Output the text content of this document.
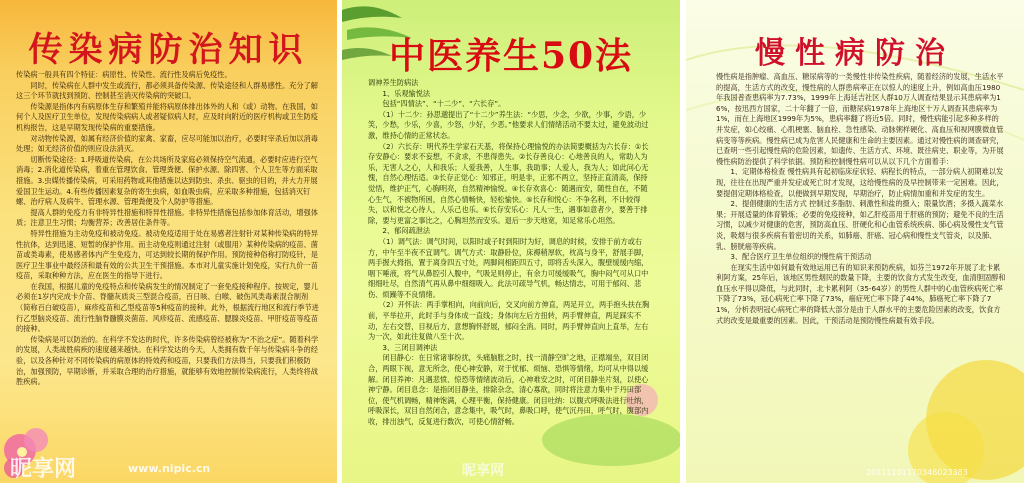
传染病防治知识
传染病一般具有四个特征：病原性、传染性、流行性及病后免疫性。
　　同时，传染病在人群中发生或流行，都必须具备传染源、传染途径和人群易感性。充分了解这三个环节就找到预防、控制甚至消灭传染病的突破口。
　　传染源是指体内有病原体生存和繁殖并能将病原体排出体外的人和（或）动物。在我国，如何个人及医疗卫生单位，发现传染病病人或者疑似病人时，应及时向附近的医疗机构或卫生防疫机构报告，这是早期发现传染病的重要措施。
　　对动物传染源，如属有经济价值的家禽、家畜，应尽可能加以治疗，必要时宰杀后加以消毒处理；如无经济价值的则应设法消灭。
　　切断传染途径：1.呼吸道传染病，在公共场所及家庭必须保持空气流通，必要时应进行空气消毒；2.消化道传染病，着重在管理饮食、管理粪便、保护水源、除四害、个人卫生等方面采取措施。3.虫媒传播传染病，可采用药物或其他措施以达到防虫、杀虫、驱虫的目的，并大力开展爱国卫生运动。4.有些传播因素复杂的寄生虫病，如血吸虫病，应采取多种措施，包括消灭钉螺、治疗病人及病牛、管理水源、管理粪便及个人防护等措施。
　　提高人群的免疫力有非特异性措施和特异性措施。非特异性措施包括参加体育活动，增强体质；注意卫生习惯；均衡营养；改善居住条件等。
　　特异性措施为主动免疫和被动免疫。被动免疫适用于处在易感者注射针对某种传染病的特异性抗体，达到迅速、短暂的保护作用。而主动免疫则通过注射（或服用）某种传染病的疫苗、菌苗或类毒素，使易感者体内产生免疫力，可达到较长期的保护作用。预防接种俗称打防疫针，是医疗卫生事业中最经济和最有效的公共卫生干预措施。本市对儿童实施计划免疫，实行九价一苗疫苗，采取种种方法，应在医生的指导下进行。
　　在我国，根据儿童的免疫特点和传染病发生的情况制定了一套免疫接种程序。按规定，婴儿必须在1岁内完成卡介苗、脊髓灰质炎三型混合疫苗，百日咳、白喉、破伤风类毒素混合制剂（简称百白破疫苗），麻疹疫苗和乙型疫苗等5种疫苗的接种。此外，根据流行地区和流行季节进行乙型脑炎疫苗、流行性脑脊髓膜炎菌苗、风疹疫苗、流感疫苗、腮腺炎疫苗、甲肝疫苗等疫苗的接种。
　　传染病是可以防治的。在科学不发达的时代，许多传染病曾经被称为“不治之症”。随着科学的发展，人类战胜病疾的速度越来越快。在科学发达的今天，人类拥有数千年与传染病斗争的经验，以及各种针对不同传染病的病原体的特效药和疫苗，只要我们方法得当，只要我们积极防治，加强预防，早期诊断，并采取合理的治疗措施，就能够有效地控制传染病流行，人类终将战胜疾病。
昵享网	www.nipic.cn
中医养生50法
调神养生防病法
　　1、乐观愉悦法
　　包括“四情法”、“十二少”、“六长存”。
　　（1）十二少：孙思邈提出了“十二少”养生法：“少思，少念，少欲，少事，少语，少笑，少愁，少乐，少喜，少怒，少好，少恶。”他要求人们情绪活动不要太过，避免波动过激，维持心情的正常状态。
　　（2）六长存：明代养生学家石天基，将保持心理愉悦的办法简要概括为六长存：①长存安静心：要求不妄想，不贪求，不患得患失。②长存善良心：心地善良的人，常助人为乐，无害人之心，人和我乐；人爱我善，人生事，我助事；人爱人，我为人；如此问心无愧，自然心理恬适。③长存正觉心：知邪正，明是非，正邪不两立，坚持正直清高，保持觉悟，维护正气，心胸明亮，自然精神愉悦。④长存欢喜心：随遇而安，随性自在，不随心生气，不被物所困，自然心情畅快，轻松愉快。⑤长存和悦心：不争名利，不计较得失，以和悦之心待人，人乐己也乐。⑥长存安乐心：凡人一生，遇事如意者少，要善于排除，要与更富之事比之，心胸坦然而安乐。退后一步天地宽，知足常乐心坦然。
　　2、郁闷疏泄法
　　（1）调气法：调气时间，以阳时或子时到阳时为好，调息的时候，安排于前方或右方，中午至半夜不宜调气。调气方式：取静卧位，床褥稍厚软，枕高与身平，舒展手脚，两手握大拇指，置于离身四五寸处，两脚间相距四五寸，即将舌头深入，腹壁缓缓内缩，咽下唾液，将气从鼻腔引入腹中，气吸足则停止，有余力可缓缓吸气，胸中闷气可从口中细细吐尽，自然清气再从鼻中细细吸入。此法可疏导气机，畅达情志，可用于郁闷、悲伤、烦躁等不良情绪。
　　（2）开怀法：两手掌相向，向前向后，交叉向前方伸直，两足开立，两手抱头扶在胸前，平举拉开，此时手与身体成一直线；身体向左后方扭转，两手臂伸直，两足踩实不动，左右交替，目视后方，意想胸怀舒展，郁闷全消。同时，两手臂伸直向上直举，左右为一次，如此往复做八至十次。
　　3、三闭目调神法
　　闭目静心：在日常诸事纷扰，头痛脑胀之时，找一清静空旷之地，正襟端坐，双目闭合，两眼下视，意无所念，使心神安静，对于忧郁、烦恼、恐惧等情绪，均可从中得以缓解。闭目养神：凡遇悲愤、惊恐等情绪波动后，心神难安之时，可闭目静坐片刻，以使心神宁静。闭目息念：是指闭目静坐，排除杂念，清心寡欲，同时将注意力集中于丹田部位，使气机调畅，精神饱满，心理平衡，保持健康。闭目吐纳：以腹式呼吸法进行吐纳，呼吸深长，双目自然闭合，意念集中，吸气时，鼻吸口呼，使气沉丹田，呼气时，腹部内收，排出浊气，反复进行数次，可使心情舒畅。
昵享网
慢性病防治
慢性病是指肿瘤、高血压、糖尿病等的一类慢性非传染性疾病，随着经济的发展，生活水平的提高，生活方式的改变，慢性病的人群患病率正在以惊人的速度上升，例如高血压1980年我国普查患病率为7.73%，1999年上海延吉社区人群10万人调查结果显示其患病率为16%，按迅西方国家，二十年翻了一倍，而糖尿病1978年上海地区十万人调查其患病率为1%，而在上海地区1999年为5%，患病率翻了将近5倍。同时，慢性病能引起多种多样的并发症，如心绞痛、心肌梗塞、脑血栓、急性感染、动脉粥样硬化、高血压和视网膜微血管病变等等疾病。慢性病已成为危害人民健康和生命的主要因素。通过对慢性病的调查研究，已查明一些引起慢性病的危险因素，如遗传、生活方式、环境、既往病史、职业等，为开展慢性病防治提供了科学依据。预防和控制慢性病可以从以下几个方面着手：
　　1、定期体格检查 慢性病具有起初临床症状轻、病程长的特点，一部分病人初期难以发现，往往在出现严重并发症或死亡时才发现，这给慢性病的及早控制带来一定困难。因此，要提倡定期体格检查，以便做到早期发现，早期治疗，防止病情加重和并发症的发生。
　　2、提倡健康的生活方式 控制过多脂肪、刺激性和盐的摄入；限量饮酒；多摄入蔬菜水果；开展适量的体育锻炼；必要的免疫接种，如乙肝疫苗用于肝癌的预防；避免不良的生活习惯，以减少对健康的危害，预防高血压、肝硬化和心血管系统疾病、肺心病及慢性支气管炎，吸烟与很多疾病有着密切的关系，如肺癌、肝癌、冠心病和慢性支气管炎，以及肺、乳、膀胱癌等疾病。
　　3、配合医疗卫生单位组织的慢性病干预活动
　　在现实生活中如何最有效地运用已有的知识来预防疾病，如芬兰1972年开展了北卡累利阿方案，25年后，该地区男性烟民的数量下降，主要的饮食方式发生改变，血清胆固醇和血压水平得以降低，与此同时，北卡累利阿（35-64岁）的男性人群中的心血管疾病死亡率下降了73%，冠心病死亡率下降了73%，癌症死亡率下降了44%，肺癌死亡率下降了71%，分析表明冠心病死亡率的降低大部分是由于人群水平的主要危险因素的改变，饮食方式的改变是最重要的因素。因此，干预活动是预防慢性病最有效手段。
20111101170346023383
